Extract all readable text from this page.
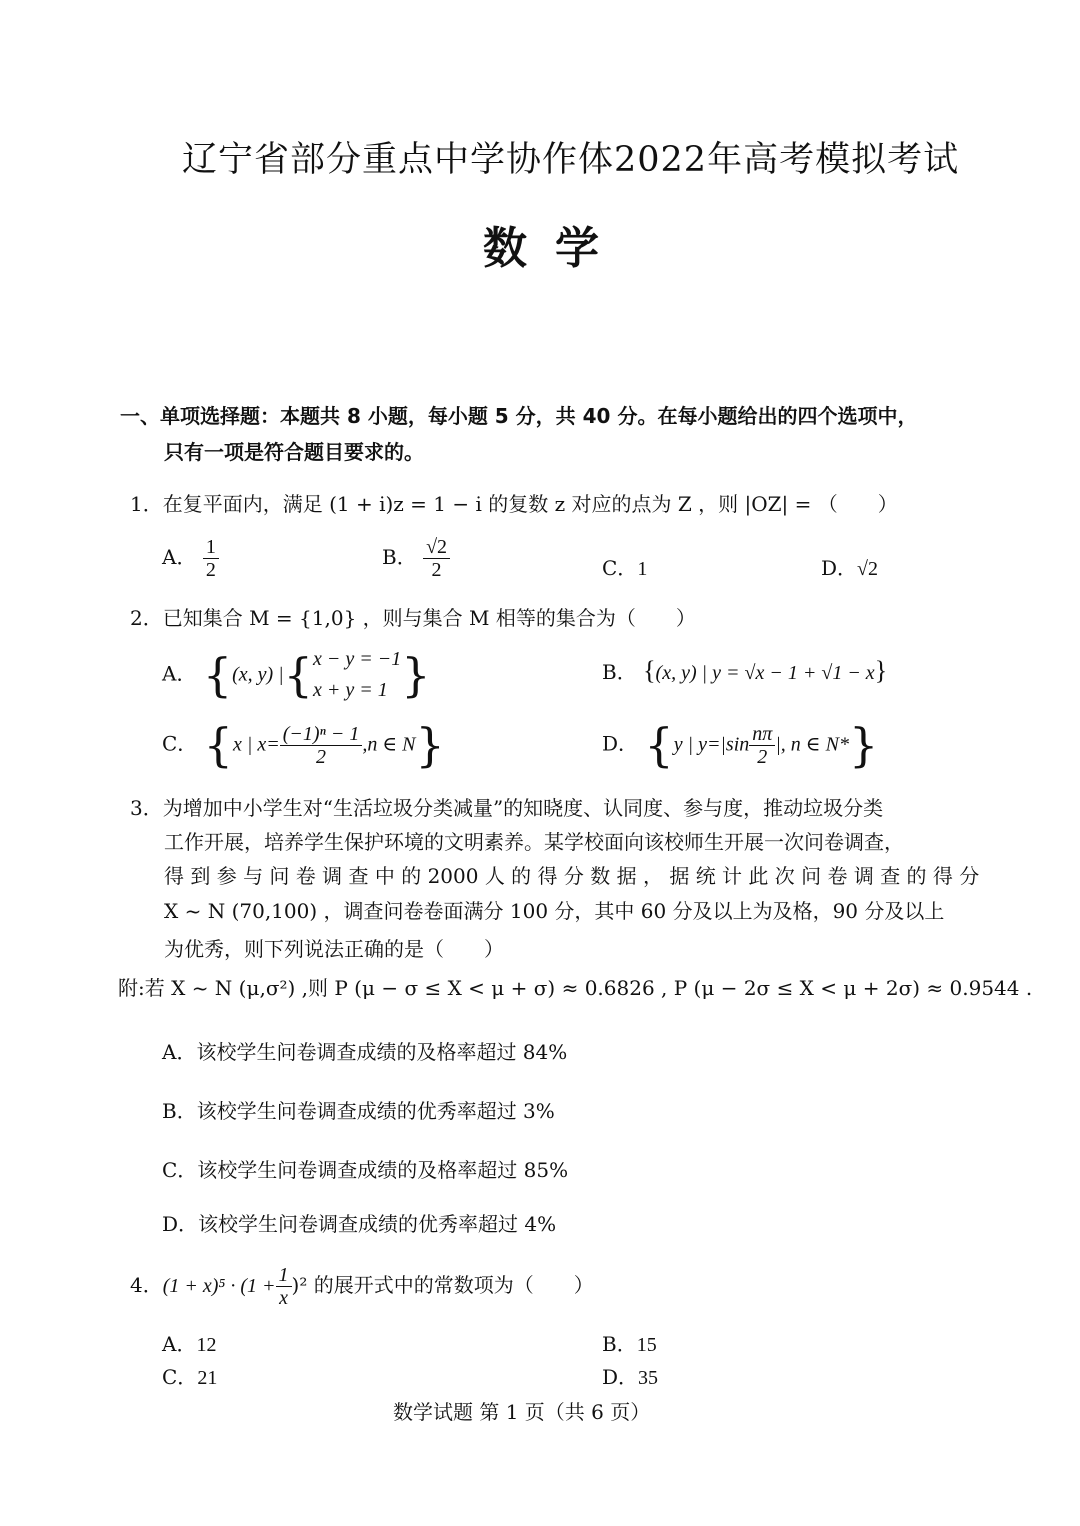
辽宁省部分重点中学协作体2022年高考模拟考试
数学
一、单项选择题：本题共 8 小题，每小题 5 分，共 40 分。在每小题给出的四个选项中，
只有一项是符合题目要求的。
1．在复平面内，满足 (1 + i)z = 1 − i 的复数 z 对应的点为 Z ，则 |OZ| = （　　）
A． $\frac{1}{2}$	B． $\frac{√2}{2}$	C．1	D．√2
2．已知集合 M = {1,0} ，则与集合 M 相等的集合为（　　）
A． {(x, y) |{ x − y = −1
x + y = 1 }	B． {(x, y) | y = √x − 1 + √1 − x}
C． {x | $x= \frac{\text{(−1)ⁿ − 1}}{2} ,n$ ∈ N}	D． {y | $y=|\sin \frac{n\pi}{2}$ |, n ∈ N*}
3．为增加中小学生对“生活垃圾分类减量”的知晓度、认同度、参与度，推动垃圾分类
工作开展，培养学生保护环境的文明素养。某学校面向该校师生开展一次问卷调查，
得 到 参 与 问 卷 调 查 中 的 2000 人 的 得 分 数 据 ， 据 统 计 此 次 问 卷 调 查 的 得 分
X ~ N (70,100) ，调查问卷卷面满分 100 分，其中 60 分及以上为及格，90 分及以上
为优秀，则下列说法正确的是（　　）
附:若 X ~ N (μ,σ²) ,则 P (μ − σ ≤ X < μ + σ) ≈ 0.6826 , P (μ − 2σ ≤ X < μ + 2σ) ≈ 0.9544 .
A．该校学生问卷调查成绩的及格率超过 84%
B．该校学生问卷调查成绩的优秀率超过 3%
C．该校学生问卷调查成绩的及格率超过 85%
D．该校学生问卷调查成绩的优秀率超过 4%
4．$(1 + x)^5 \cdot (1 + \frac{1}{x} )^2$ 的展开式中的常数项为（　　）
A．12	B．15
C．21	D．35
数学试题 第 1 页（共 6 页）
